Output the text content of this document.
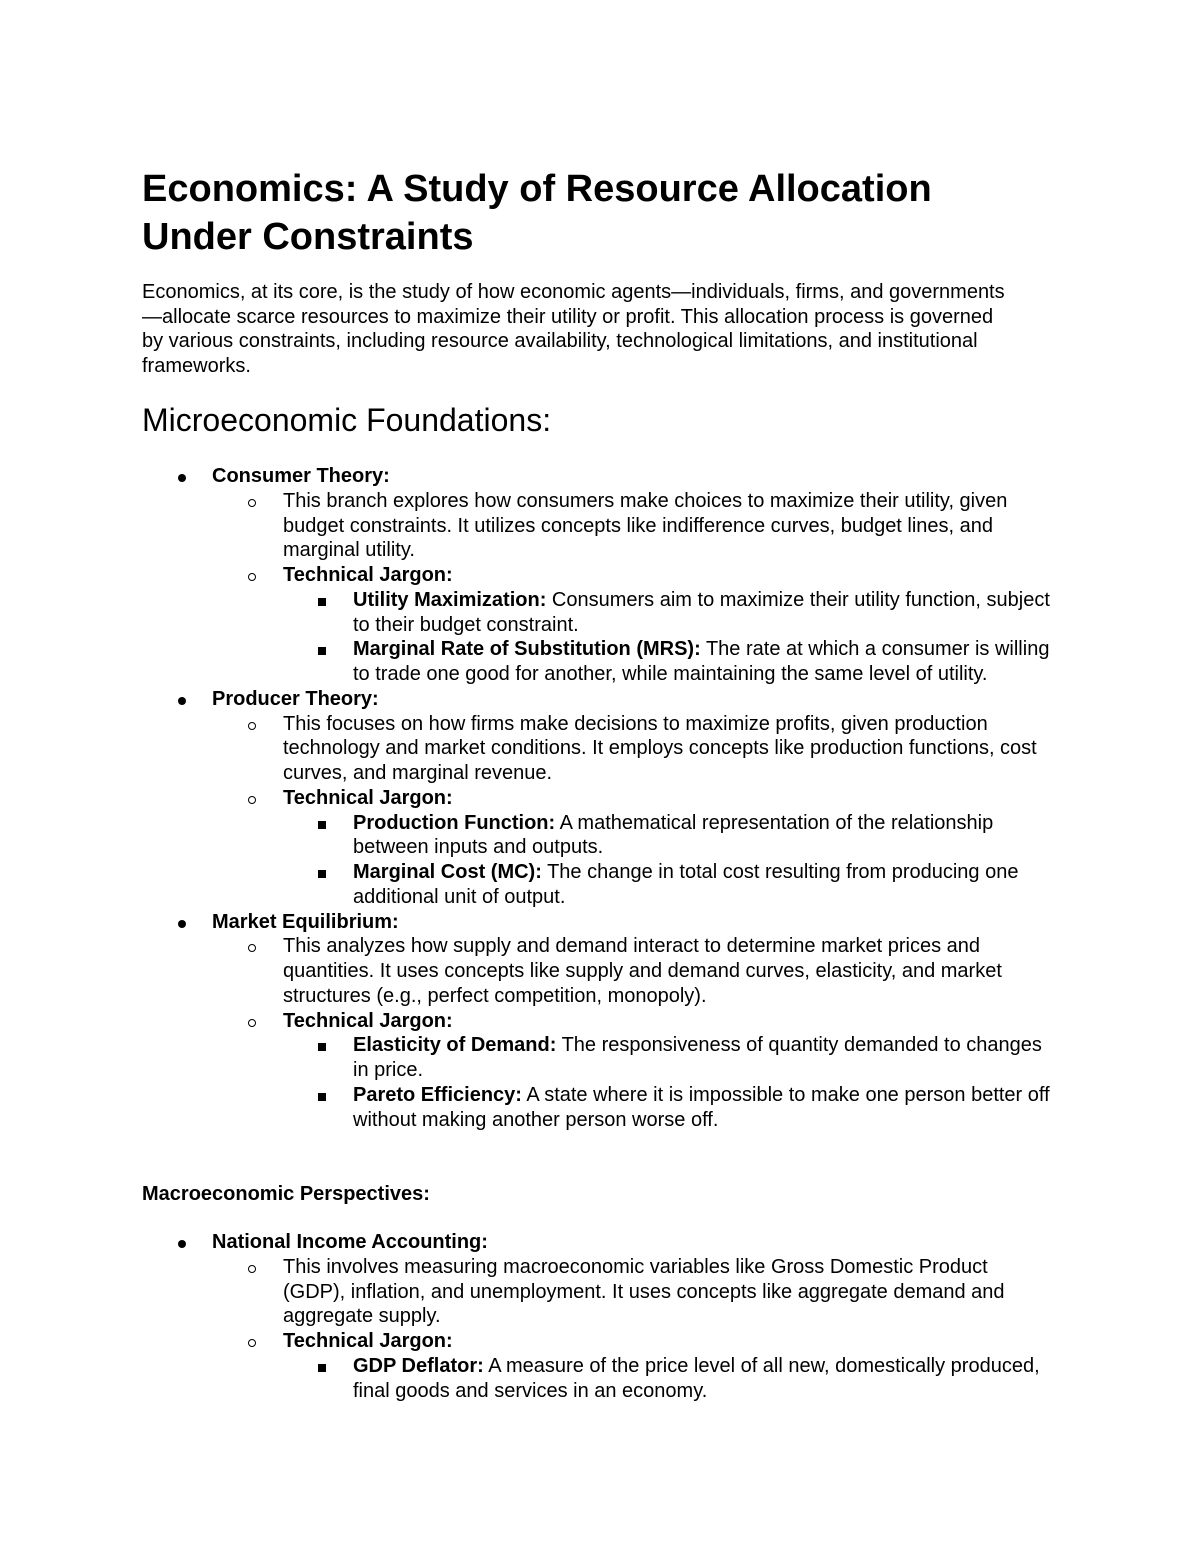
Economics: A Study of Resource Allocation Under Constraints

Economics, at its core, is the study of how economic agents—individuals, firms, and governments—allocate scarce resources to maximize their utility or profit. This allocation process is governed by various constraints, including resource availability, technological limitations, and institutional frameworks.

Microeconomic Foundations:
Consumer Theory:
This branch explores how consumers make choices to maximize their utility, given budget constraints. It utilizes concepts like indifference curves, budget lines, and marginal utility.
Technical Jargon:
Utility Maximization: Consumers aim to maximize their utility function, subject to their budget constraint.
Marginal Rate of Substitution (MRS): The rate at which a consumer is willing to trade one good for another, while maintaining the same level of utility.
Producer Theory:
This focuses on how firms make decisions to maximize profits, given production technology and market conditions. It employs concepts like production functions, cost curves, and marginal revenue.
Technical Jargon:
Production Function: A mathematical representation of the relationship between inputs and outputs.
Marginal Cost (MC): The change in total cost resulting from producing one additional unit of output.
Market Equilibrium:
This analyzes how supply and demand interact to determine market prices and quantities. It uses concepts like supply and demand curves, elasticity, and market structures (e.g., perfect competition, monopoly).
Technical Jargon:
Elasticity of Demand: The responsiveness of quantity demanded to changes in price.
Pareto Efficiency: A state where it is impossible to make one person better off without making another person worse off.

Macroeconomic Perspectives:

National Income Accounting:
This involves measuring macroeconomic variables like Gross Domestic Product (GDP), inflation, and unemployment. It uses concepts like aggregate demand and aggregate supply.
Technical Jargon:
GDP Deflator: A measure of the price level of all new, domestically produced, final goods and services in an economy.
